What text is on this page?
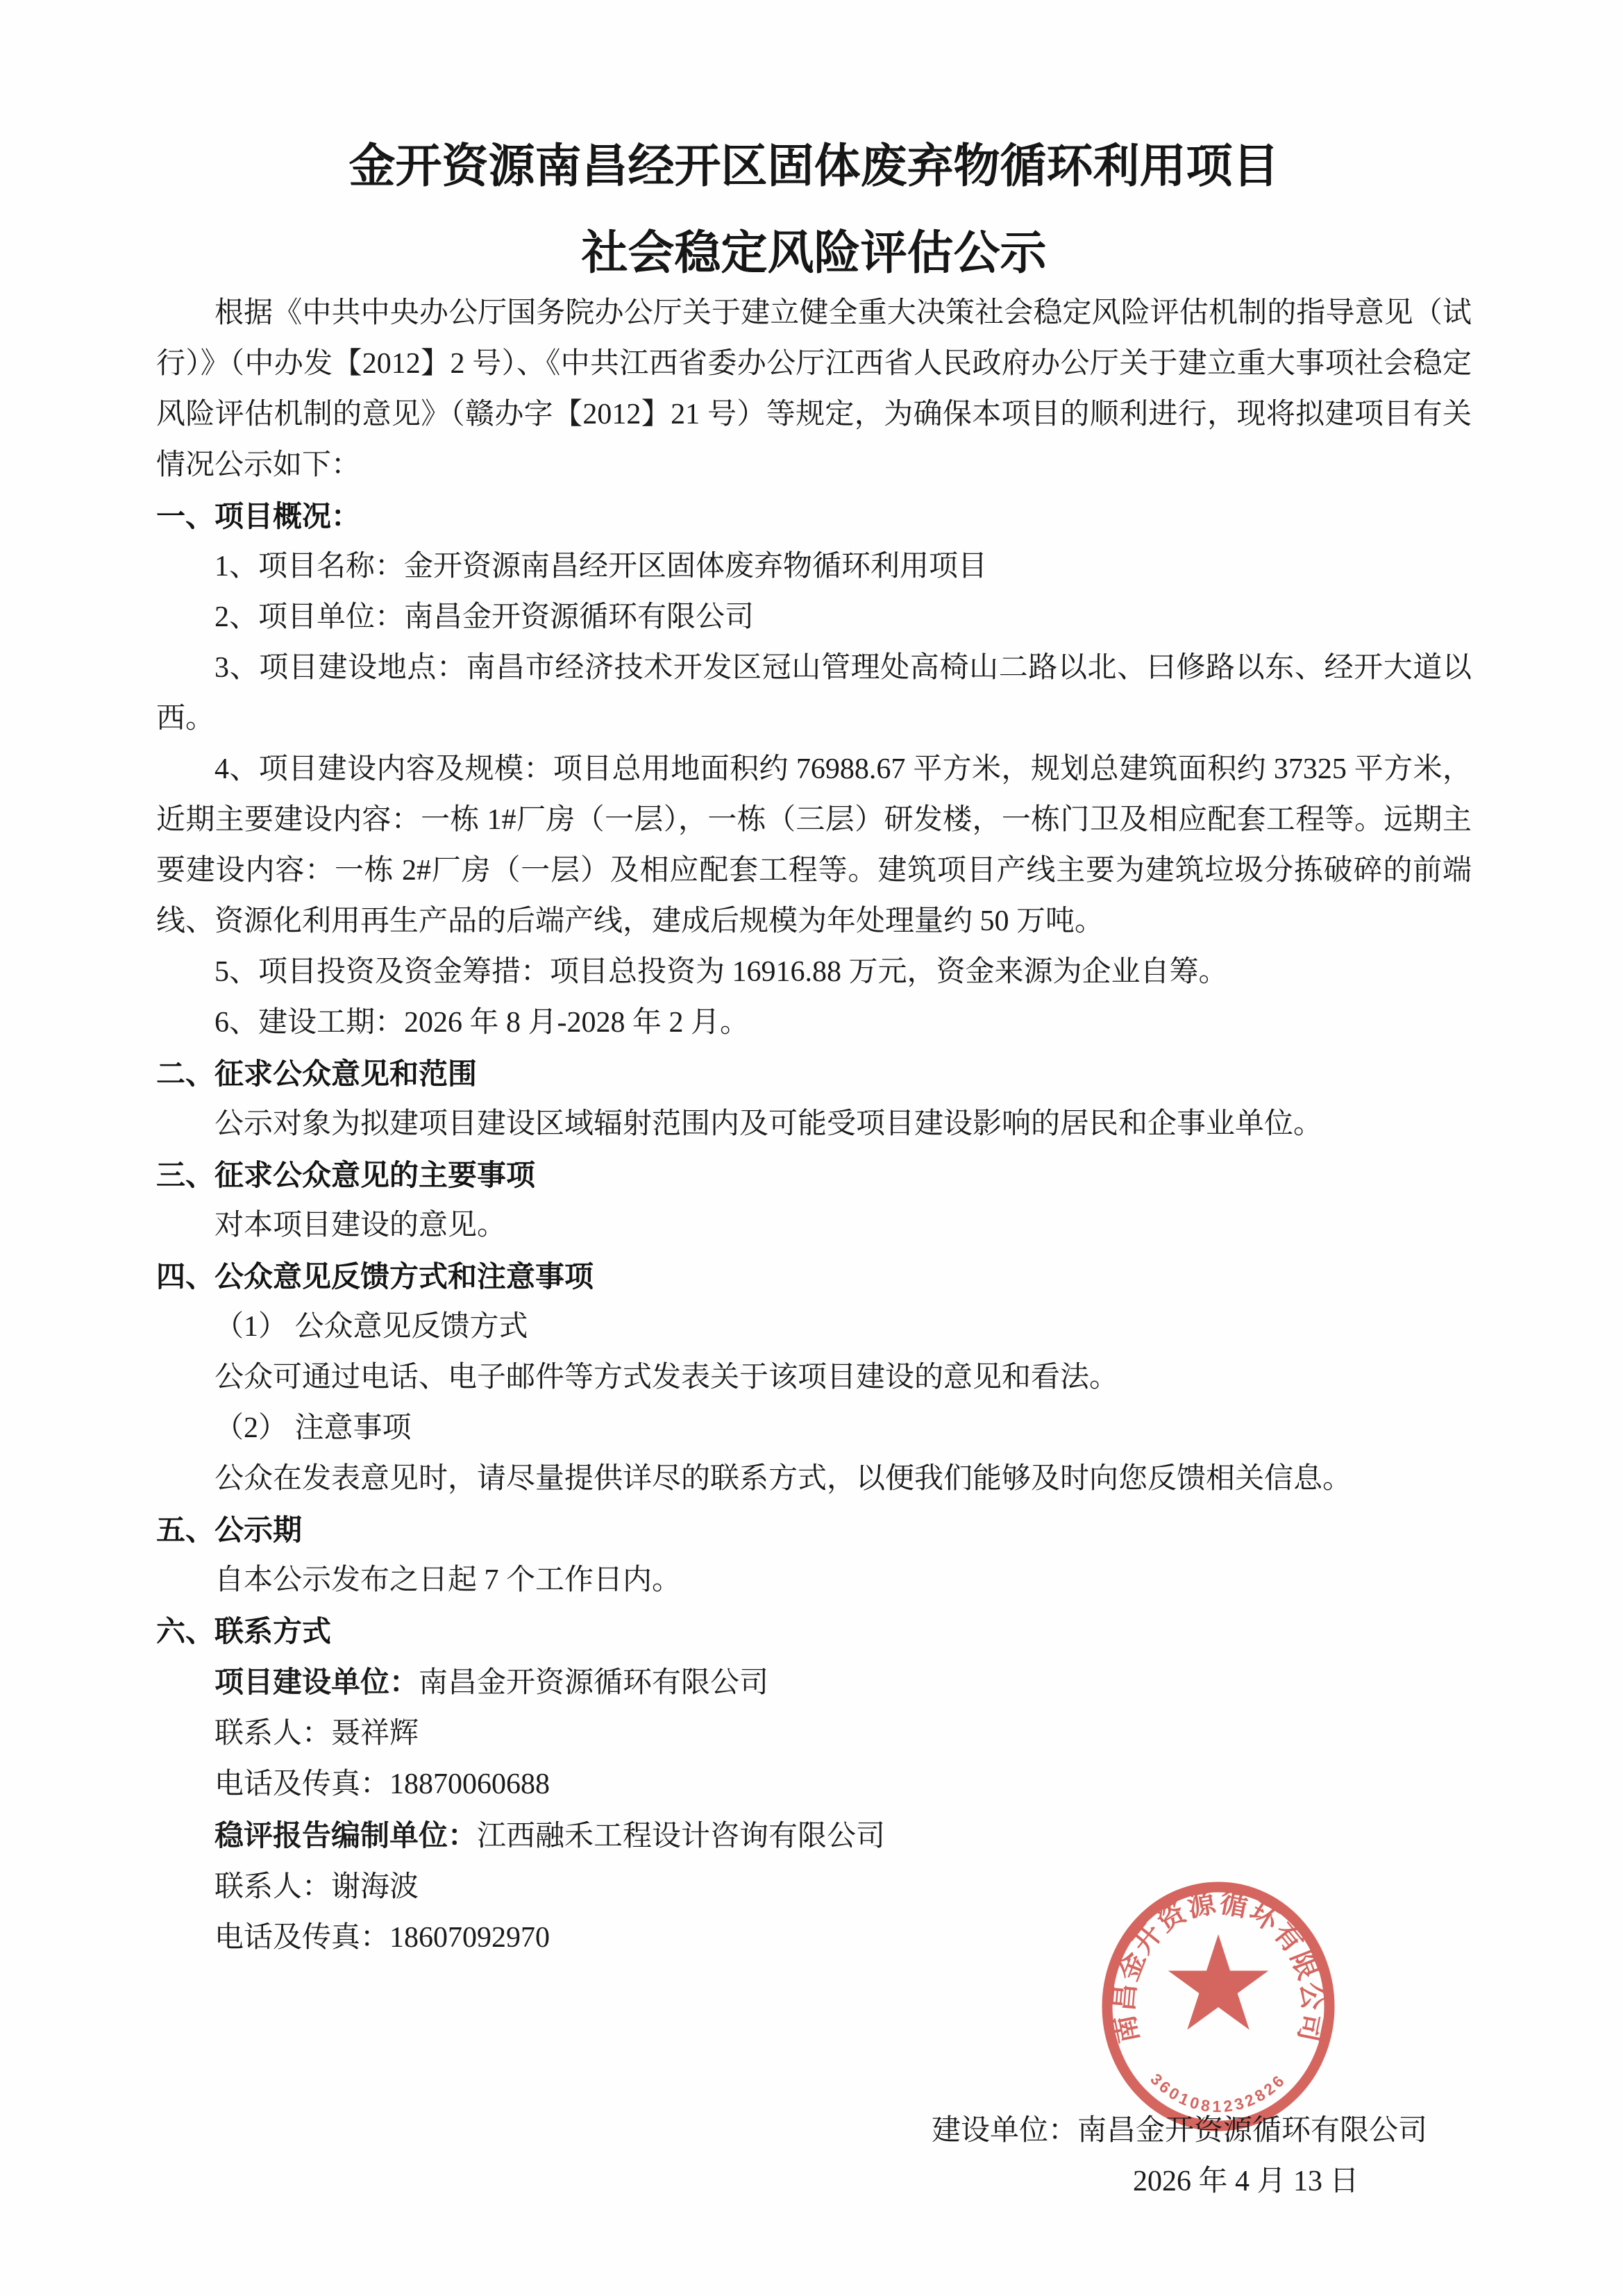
南昌金开资源循环有限公司
3601081232826
金开资源南昌经开区固体废弃物循环利用项目
社会稳定风险评估公示

根据《中共中央办公厅国务院办公厅关于建立健全重大决策社会稳定风险评估机制的指导意见（试行）》（中办发【2012】2 号）、《中共江西省委办公厅江西省人民政府办公厅关于建立重大事项社会稳定风险评估机制的意见》（赣办字【2012】21 号）等规定，为确保本项目的顺利进行，现将拟建项目有关情况公示如下：

一、项目概况：

1、项目名称：金开资源南昌经开区固体废弃物循环利用项目

2、项目单位：南昌金开资源循环有限公司

3、项目建设地点：南昌市经济技术开发区冠山管理处高椅山二路以北、曰修路以东、经开大道以西。

4、项目建设内容及规模：项目总用地面积约 76988.67 平方米，规划总建筑面积约 37325 平方米，近期主要建设内容：一栋 1#厂房（一层），一栋（三层）研发楼，一栋门卫及相应配套工程等。远期主要建设内容：一栋 2#厂房（一层）及相应配套工程等。建筑项目产线主要为建筑垃圾分拣破碎的前端线、资源化利用再生产品的后端产线，建成后规模为年处理量约 50 万吨。

5、项目投资及资金筹措：项目总投资为 16916.88 万元，资金来源为企业自筹。

6、建设工期：2026 年 8 月-2028 年 2 月。

二、征求公众意见和范围

公示对象为拟建项目建设区域辐射范围内及可能受项目建设影响的居民和企事业单位。

三、征求公众意见的主要事项

对本项目建设的意见。

四、公众意见反馈方式和注意事项

（1） 公众意见反馈方式

公众可通过电话、电子邮件等方式发表关于该项目建设的意见和看法。

（2） 注意事项

公众在发表意见时，请尽量提供详尽的联系方式，以便我们能够及时向您反馈相关信息。

五、公示期

自本公示发布之日起 7 个工作日内。

六、联系方式

项目建设单位：南昌金开资源循环有限公司

联系人：聂祥辉

电话及传真：18870060688

稳评报告编制单位：江西融禾工程设计咨询有限公司

联系人：谢海波

电话及传真：18607092970

建设单位：南昌金开资源循环有限公司

2026 年 4 月 13 日
